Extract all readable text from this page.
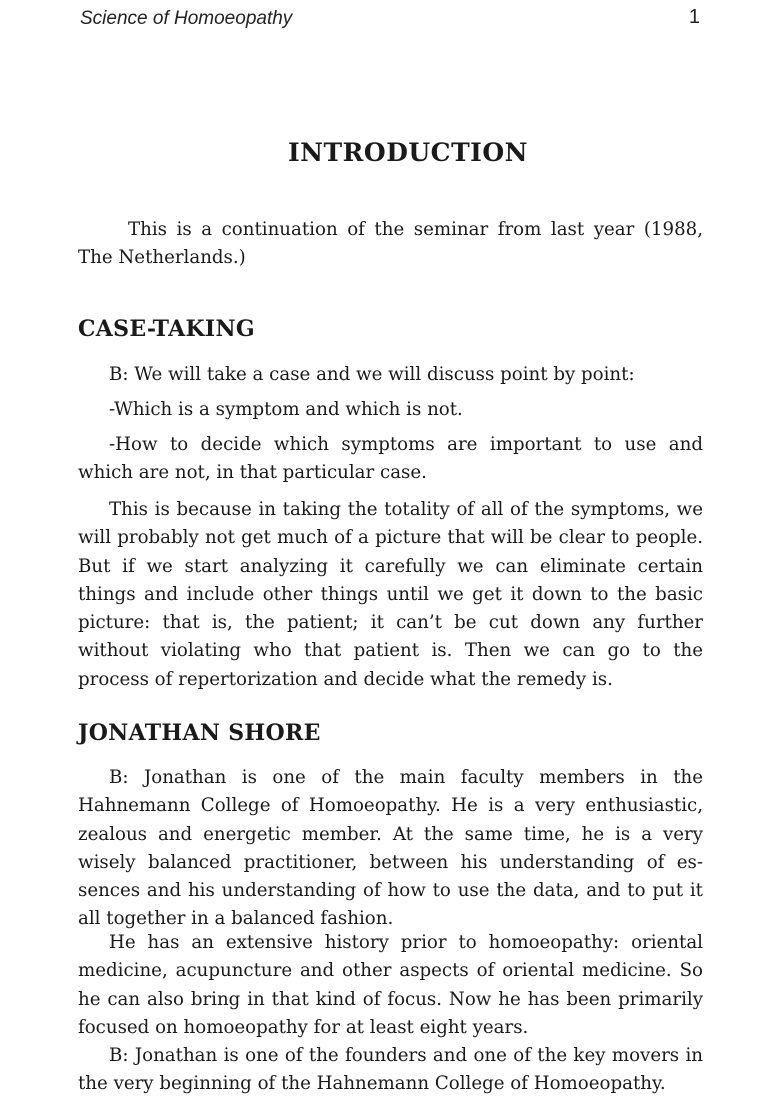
Science of Homoeopathy	1
INTRODUCTION

This is a continuation of the seminar from last year (1988, The Netherlands.)

CASE-TAKING

B: We will take a case and we will discuss point by point:

-Which is a symptom and which is not.

-How to decide which symptoms are important to use and which are not, in that particular case.

This is because in taking the totality of all of the symptoms, we will probably not get much of a picture that will be clear to people. But if we start analyzing it carefully we can eliminate certain things and include other things until we get it down to the basic picture: that is, the patient; it can’t be cut down any further without violating who that patient is. Then we can go to the process of repertorization and decide what the remedy is.

JONATHAN SHORE

B: Jonathan is one of the main faculty members in the Hahnemann College of Homoeopathy. He is a very enthusiastic, zealous and energetic member. At the same time, he is a very wisely balanced practitioner, between his understanding of es-sences and his understanding of how to use the data, and to put it all together in a balanced fashion.

He has an extensive history prior to homoeopathy: oriental medicine, acupuncture and other aspects of oriental medicine. So he can also bring in that kind of focus. Now he has been primarily focused on homoeopathy for at least eight years.

B: Jonathan is one of the founders and one of the key movers in the very beginning of the Hahnemann College of Homoeopathy.
